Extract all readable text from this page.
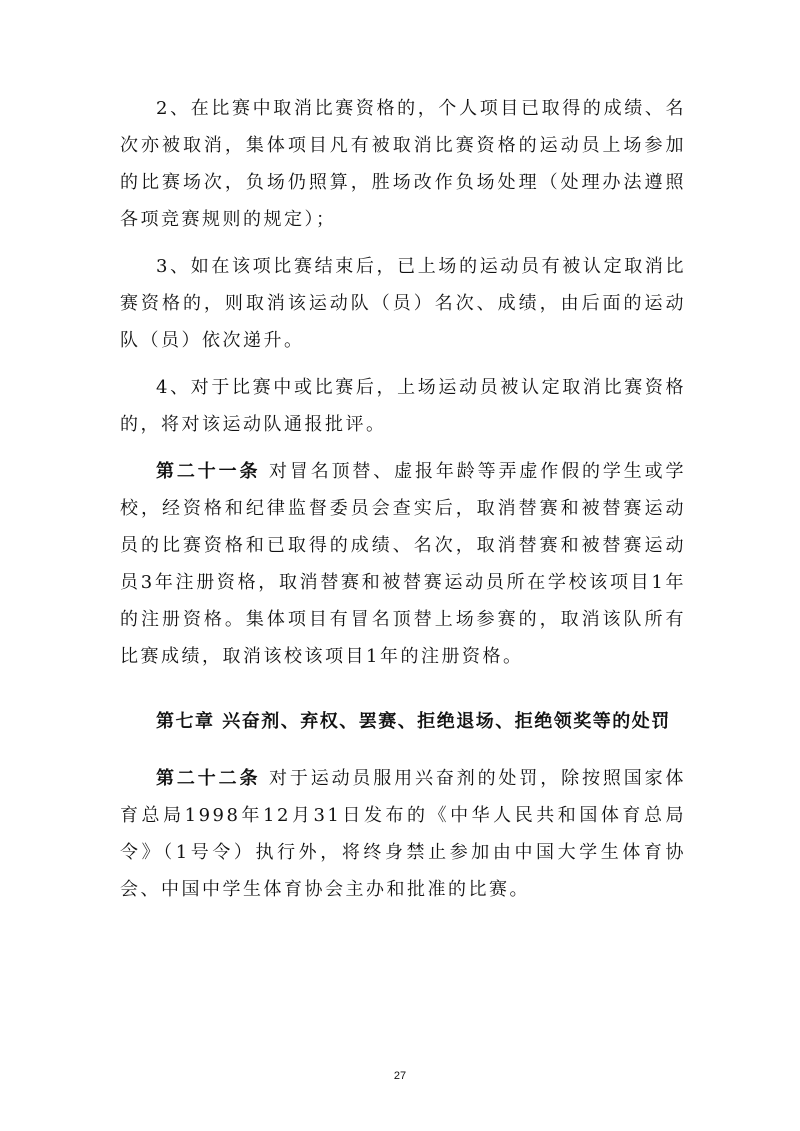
2、在比赛中取消比赛资格的，个人项目已取得的成绩、名次亦被取消，集体项目凡有被取消比赛资格的运动员上场参加的比赛场次，负场仍照算，胜场改作负场处理（处理办法遵照各项竞赛规则的规定）；

3、如在该项比赛结束后，已上场的运动员有被认定取消比赛资格的，则取消该运动队（员）名次、成绩，由后面的运动队（员）依次递升。

4、对于比赛中或比赛后，上场运动员被认定取消比赛资格的，将对该运动队通报批评。

第二十一条 对冒名顶替、虚报年龄等弄虚作假的学生或学校，经资格和纪律监督委员会查实后，取消替赛和被替赛运动员的比赛资格和已取得的成绩、名次，取消替赛和被替赛运动员3年注册资格，取消替赛和被替赛运动员所在学校该项目1年的注册资格。集体项目有冒名顶替上场参赛的，取消该队所有比赛成绩，取消该校该项目1年的注册资格。

第七章 兴奋剂、弃权、罢赛、拒绝退场、拒绝领奖等的处罚

第二十二条 对于运动员服用兴奋剂的处罚，除按照国家体育总局1998年12月31日发布的《中华人民共和国体育总局令》（1号令）执行外，将终身禁止参加由中国大学生体育协会、中国中学生体育协会主办和批准的比赛。

27
